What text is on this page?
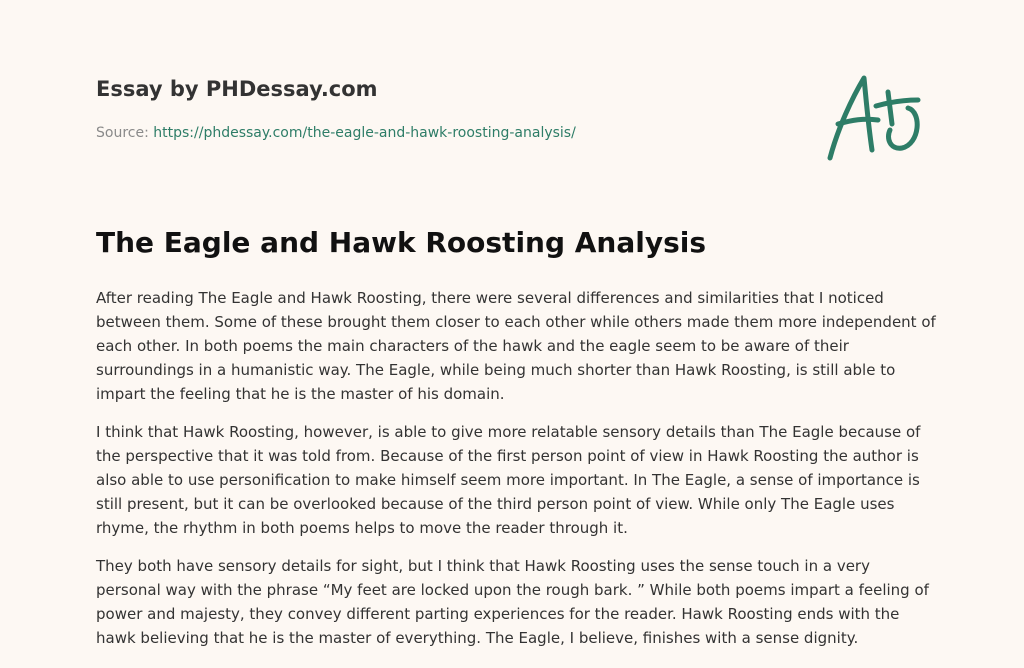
Essay by PHDessay.com
Source: https://phdessay.com/the-eagle-and-hawk-roosting-analysis/
The Eagle and Hawk Roosting Analysis

After reading The Eagle and Hawk Roosting, there were several differences and similarities that I noticed between them. Some of these brought them closer to each other while others made them more independent of each other. In both poems the main characters of the hawk and the eagle seem to be aware of their surroundings in a humanistic way. The Eagle, while being much shorter than Hawk Roosting, is still able to impart the feeling that he is the master of his domain.

I think that Hawk Roosting, however, is able to give more relatable sensory details than The Eagle because of the perspective that it was told from. Because of the first person point of view in Hawk Roosting the author is also able to use personification to make himself seem more important. In The Eagle, a sense of importance is still present, but it can be overlooked because of the third person point of view. While only The Eagle uses rhyme, the rhythm in both poems helps to move the reader through it.

They both have sensory details for sight, but I think that Hawk Roosting uses the sense touch in a very personal way with the phrase “My feet are locked upon the rough bark. ” While both poems impart a feeling of power and majesty, they convey different parting experiences for the reader. Hawk Roosting ends with the hawk believing that he is the master of everything. The Eagle, I believe, finishes with a sense dignity.
